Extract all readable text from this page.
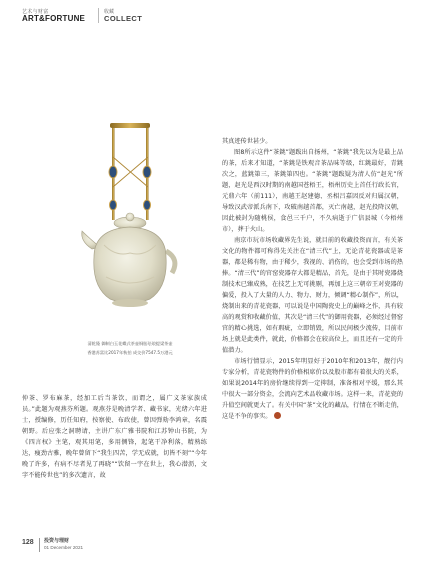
艺术与财富
ART&FORTUNE
收藏
COLLECT
清乾隆 御制白玉花蝶式茶壶铜胎珐琅提梁茶壶
香港苏富比2017年秋拍 成交价7547.5万港元

其真迹传世甚少。

图8所示这件“茶銚”题跋出自扬州，“茶銚”我先以为是最上品的茶，后来才知道，“茶銚是铁观音茶品味等级，红銚最好，青銚次之，蓝銚第三，茶銚第四也。“茶銚”题跋疑为清人仿“赵光”所题，赵光是西汉时期的南越国苍梧王，梧州历史上首任行政长官，元鼎六年（前111），南越王赵建德、丞相吕嘉因反对归属汉朝，导致汉武帝派兵南下，攻破南越首都，灭亡南越，赵光投降汉朝，因此被封为随桃侯，食邑三千户，不久病逝于广信县城（今梧州市），葬于火山。

南京市玩市场收藏界先生说，就目前的收藏投资而言，有关茶文化的物件都可称得先关注在“清三代”上，无论青花瓷器或是茶器，都是稀有物，由于稀少，我视的、消伤的，也会受到市场的热捧。“清三代”的官窑瓷器存大都是精品，首先，是由于其时瓷器烧制技术已臻成熟，在技艺上无可挑剔，再加上这三朝帝王对瓷器的偏爱，投入了大量的人力、物力、财力，倾调“精心制作”，所以，烧制出来的青花瓷器，可以说是中国陶瓷史上的巅峰之作，具有较高的观赏和收藏价值，其次是“清三代”的御用瓷器，必须经过督窑官的精心挑选，如有瑕疵，立即销毁，所以民间极少流传，目前市场上就是此类件，就此，价格都会在较高位上，而且还有一定的升值潜力。

市场行情显示，2015年明显好于2010年和2013年，靓行内专家分析，青花瓷物件的价格相席价以及股市都有着很大的关系，如果说2014年的房价继续得到一定抑制，准备相对平缓，那么其中很大一部分资金，会流向艺术品收藏市场。这样一来，青花瓷的升值空间就更大了。有关中国“茶”文化的藏品，行情在不断走俏，这是不争的事实。

仲茶、罗布麻茶，经加工后当茶饮，而谓之，属广义茶家族成员。”此题为观燕芬所题。观燕芬是晚清学者、藏书家，光绪六年进士，授编修，历任知府，按察使、布政使，曾因弹劾李鸿章，名震朝野。后应张之洞聘请，主讲广东广雅书院和江苏钟山书院，为《四言权》主笔，观其用笔，多用侧锋，起笔干净利落，精熟练达，瘦劲古雅，晚年曾留下“我生四苦，学无成就，切皆不刻”“今年晚了许多，有病不尽者见了再晓”“饮留一宇在世上，我心潜沥，文字不能传世也”的多次遗言，故

128 投资与理财
01 December 2021
